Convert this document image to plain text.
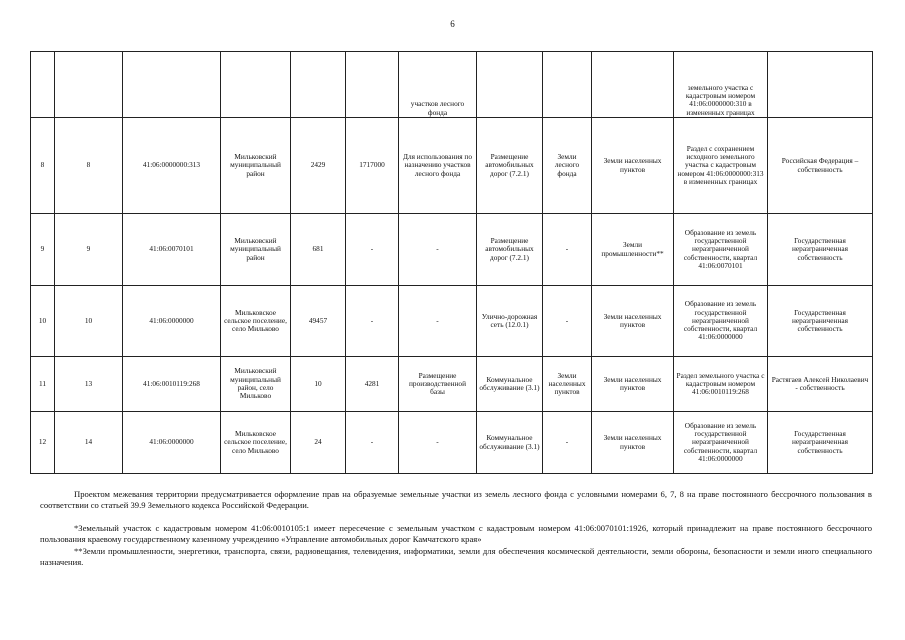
6

						участков лесного фонда				земельного участка с кадастровым номером 41:06:0000000:310 в измененных границах	

8	8	41:06:0000000:313	Мильковский муниципальный район	2429	1717000	Для использования по назначению участков лесного фонда	Размещение автомобильных дорог (7.2.1)	Земли лесного фонда	Земли населенных пунктов	Раздел с сохранением исходного земельного участка с кадастровым номером 41:06:0000000:313 в измененных границах	Российская Федерация – собственность

9	9	41:06:0070101	Мильковский муниципальный район	681	-	-	Размещение автомобильных дорог (7.2.1)	-	Земли промышленности**	Образование из земель государственной неразграниченной собственности, квартал 41:06:0070101	Государственная неразграниченная собственность

10	10	41:06:0000000	Мильковское сельское поселение, село Мильково	49457	-	-	Улично-дорожная сеть (12.0.1)	-	Земли населенных пунктов	Образование из земель государственной неразграниченной собственности, квартал 41:06:0000000	Государственная неразграниченная собственность

11	13	41:06:0010119:268	Мильковский муниципальный район, село Мильково	10	4281	Размещение производственной базы	Коммунальное обслуживание (3.1)	Земли населенных пунктов	Земли населенных пунктов	Раздел земельного участка с кадастровым номером 41:06:0010119:268	Растягаев Алексей Николаевич - собственность

12	14	41:06:0000000	Мильковское сельское поселение, село Мильково	24	-	-	Коммунальное обслуживание (3.1)	-	Земли населенных пунктов	Образование из земель государственной неразграниченной собственности, квартал 41:06:0000000	Государственная неразграниченная собственность

Проектом межевания территории предусматривается оформление прав на образуемые земельные участки из земель лесного фонда с условными номерами 6, 7, 8 на праве постоянного бессрочного пользования в соответствии со статьей 39.9 Земельного кодекса Российской Федерации.

*Земельный участок с кадастровым номером 41:06:0010105:1 имеет пересечение с земельным участком с кадастровым номером 41:06:0070101:1926, который принадлежит на праве постоянного бессрочного пользования краевому государственному казенному учреждению «Управление автомобильных дорог Камчатского края»

**Земли промышленности, энергетики, транспорта, связи, радиовещания, телевидения, информатики, земли для обеспечения космической деятельности, земли обороны, безопасности и земли иного специального назначения.
